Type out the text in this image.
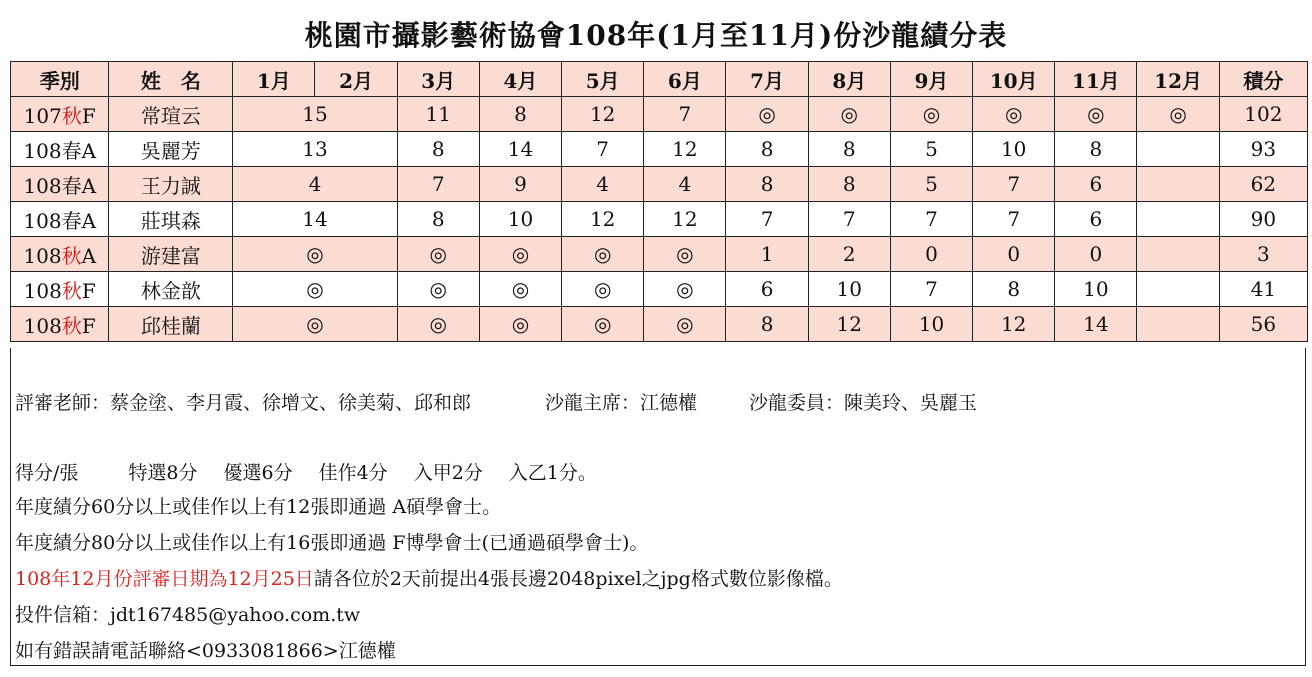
桃園市攝影藝術協會108年(1月至11月)份沙龍績分表
季別	姓　名	1月	2月	3月	4月	5月	6月	7月	8月	9月	10月	11月	12月	積分
107秋F	常瑄云	15		11	8	12	7	◎	◎	◎	◎	◎	◎	102
108春A	吳麗芳	13		8	14	7	12	8	8	5	10	8		93
108春A	王力誠	4		7	9	4	4	8	8	5	7	6		62
108春A	莊琪森	14		8	10	12	12	7	7	7	7	6		90
108秋A	游建富	◎		◎	◎	◎	◎	1	2	0	0	0		3
108秋F	林金歆	◎		◎	◎	◎	◎	6	10	7	8	10		41
108秋F	邱桂蘭	◎		◎	◎	◎	◎	8	12	10	12	14		56
評審老師：蔡金塗、李月霞、徐增文、徐美菊、邱和郎	沙龍主席：江德權	沙龍委員：陳美玲、吳麗玉
得分/張	特選8分 優選6分 佳作4分 入甲2分 入乙1分。
年度績分60分以上或佳作以上有12張即通過 A碩學會士。
年度績分80分以上或佳作以上有16張即通過 F博學會士(已通過碩學會士)。
108年12月份評審日期為12月25日請各位於2天前提出4張長邊2048pixel之jpg格式數位影像檔。
投件信箱：jdt167485@yahoo.com.tw
如有錯誤請電話聯絡<0933081866>江德權
